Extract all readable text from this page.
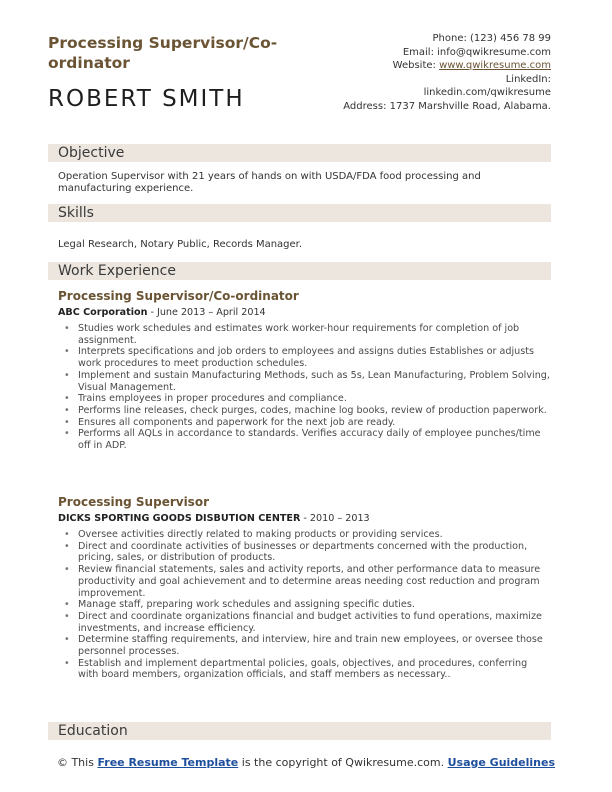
Processing Supervisor/Co-ordinator
ROBERT SMITH
Phone: (123) 456 78 99
Email: info@qwikresume.com
Website: www.qwikresume.com
LinkedIn:
linkedin.com/qwikresume
Address: 1737 Marshville Road, Alabama.
Objective
Operation Supervisor with 21 years of hands on with USDA/FDA food processing and manufacturing experience.
Skills
Legal Research, Notary Public, Records Manager.
Work Experience
Processing Supervisor/Co-ordinator
ABC Corporation - June 2013 – April 2014
• Studies work schedules and estimates work worker-hour requirements for completion of job assignment.
• Interprets specifications and job orders to employees and assigns duties Establishes or adjusts work procedures to meet production schedules.
• Implement and sustain Manufacturing Methods, such as 5s, Lean Manufacturing, Problem Solving, Visual Management.
• Trains employees in proper procedures and compliance.
• Performs line releases, check purges, codes, machine log books, review of production paperwork.
• Ensures all components and paperwork for the next job are ready.
• Performs all AQLs in accordance to standards. Verifies accuracy daily of employee punches/time off in ADP.
Processing Supervisor
DICKS SPORTING GOODS DISBUTION CENTER - 2010 – 2013
• Oversee activities directly related to making products or providing services.
• Direct and coordinate activities of businesses or departments concerned with the production, pricing, sales, or distribution of products.
• Review financial statements, sales and activity reports, and other performance data to measure productivity and goal achievement and to determine areas needing cost reduction and program improvement.
• Manage staff, preparing work schedules and assigning specific duties.
• Direct and coordinate organizations financial and budget activities to fund operations, maximize investments, and increase efficiency.
• Determine staffing requirements, and interview, hire and train new employees, or oversee those personnel processes.
• Establish and implement departmental policies, goals, objectives, and procedures, conferring with board members, organization officials, and staff members as necessary..
Education
© This Free Resume Template is the copyright of Qwikresume.com. Usage Guidelines
